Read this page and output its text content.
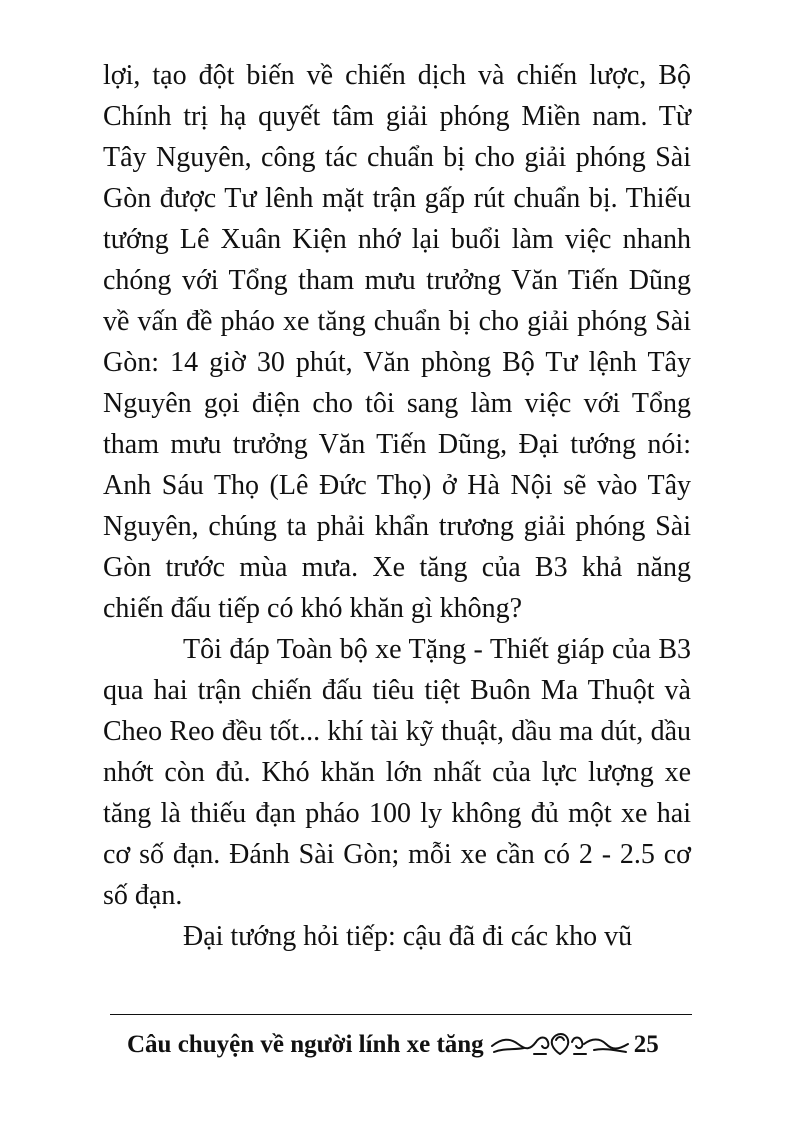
lợi, tạo đột biến về chiến dịch và chiến lược, Bộ Chính trị hạ quyết tâm giải phóng Miền nam. Từ Tây Nguyên, công tác chuẩn bị cho giải phóng Sài Gòn được Tư lênh mặt trận gấp rút chuẩn bị. Thiếu tướng Lê Xuân Kiện nhớ lại buổi làm việc nhanh chóng với Tổng tham mưu trưởng Văn Tiến Dũng về vấn đề pháo xe tăng chuẩn bị cho giải phóng Sài Gòn: 14 giờ 30 phút, Văn phòng Bộ Tư lệnh Tây Nguyên gọi điện cho tôi sang làm việc với Tổng tham mưu trưởng Văn Tiến Dũng, Đại tướng nói: Anh Sáu Thọ (Lê Đức Thọ) ở Hà Nội sẽ vào Tây Nguyên, chúng ta phải khẩn trương giải phóng Sài Gòn trước mùa mưa. Xe tăng của B3 khả năng chiến đấu tiếp có khó khăn gì không?

Tôi đáp Toàn bộ xe Tặng - Thiết giáp của B3 qua hai trận chiến đấu tiêu tiệt Buôn Ma Thuột và Cheo Reo đều tốt... khí tài kỹ thuật, dầu ma dút, dầu nhớt còn đủ. Khó khăn lớn nhất của lực lượng xe tăng là thiếu đạn pháo 100 ly không đủ một xe hai cơ số đạn. Đánh Sài Gòn; mỗi xe cần có 2 - 2.5 cơ số đạn.

Đại tướng hỏi tiếp: cậu đã đi các kho vũ

Câu chuyện về người lính xe tăng	25
